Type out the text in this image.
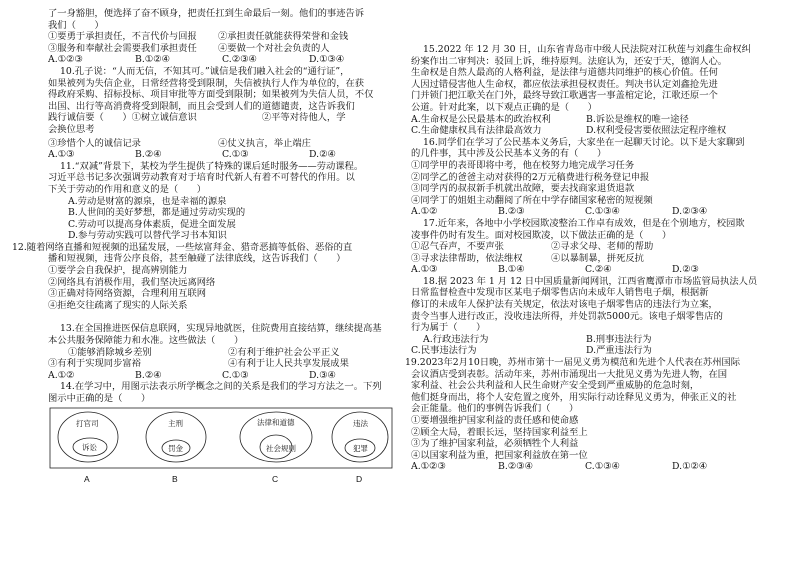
了一身豁胆，便选择了奋不顾身，把责任扛到生命最后一刻。他们的事迹告诉
我们（　　）
①要勇于承担责任，不言代价与回报	②承担责任就能获得荣誉和金钱
③服务和奉献社会需要我们承担责任	④要做一个对社会负责的人
A.①②③	B.①②④	C.②③④	D.①③④
10.孔子说：“人而无信，不知其可。”诚信是我们融入社会的“通行证”，
如果被列为失信企业，日常经营将受到限制，失信被执行人作为单位的，在获
得政府采购、招标投标、项目审批等方面受到限制；如果被列为失信人员，不仅
出国、出行等高消费将受到限制，而且会受到人们的道德谴责，这告诉我们
践行诚信要（　　）①树立诚信意识　　　　　　　②平等对待他人，学
会换位思考
③珍惜个人的诚信记录	④仗义执言，举止端庄
A.①③	B.②④	C.①③	D.②④
11.“双减”背景下，某校为学生提供了特殊的课后延时服务——劳动课程。
习近平总书记多次强调劳动教育对于培育时代新人有着不可替代的作用。以
下关于劳动的作用和意义的是（　　）
A.劳动是财富的源泉，也是幸福的源泉
B.人世间的美好梦想，都是通过劳动实现的
C.劳动可以提高身体素质，促进全面发展
D.参与劳动实践可以替代学习书本知识
12.随着网络直播和短视频的迅猛发展，一些炫富拜金、猎奇恶搞等低俗、恶俗的直
播和短视频，违背公序良俗，甚至触碰了法律底线，这告诉我们（　　）
①要学会自我保护，提高辨别能力
②网络具有消极作用，我们坚决远离网络
③正确对待网络资源，合理利用互联网
④拒绝交往疏离了现实的人际关系
13.在全国推进医保信息联网，实现异地就医，住院费用直接结算，继续提高基
本公共服务保障能力和水准。这些做法（　　）
①能够消除城乡差别	②有利于维护社会公平正义
③有利于实现同步富裕	④有利于让人民共享发展成果
A.①②	B.②④	C.①③	D.③④
14.在学习中，用图示法表示所学概念之间的关系是我们的学习方法之一。下列
图示中正确的是（　　）
打官司
诉讼
A
主刑
罚金
B
法律和道德
社会规则
C
违法
犯罪
D
15.2022 年 12 月 30 日，山东省青岛市中级人民法院对江秋莲与刘鑫生命权纠
纷案作出二审判决：驳回上诉，维持原判。法庭认为，还安于天，德润人心。
生命权是自然人最高的人格利益，是法律与道德共同维护的核心价值。任何
人因过错侵害他人生命权，都应依法承担侵权责任。判决书认定刘鑫抢先进
门并锁门把江歌关在门外，最终导致江歌遇害一事盖棺定论，江歌还原一个
公道。针对此案，以下观点正确的是（　　）
A.生命权是公民最基本的政治权利	B.诉讼是维权的唯一途径
C.生命健康权具有法律最高效力	D.权利受侵害要依照法定程序维权
16.同学们在学习了公民基本义务后，大家坐在一起聊天讨论。以下是大家聊到
的几件事，其中涉及公民基本义务的有（　　）
①同学甲的表哥即将中考，他在校努力地完成学习任务
②同学乙的爸爸主动对获得的2万元稿费进行税务登记申报
③同学丙的叔叔新手机就出故障，要去找商家退货退款
④同学丁的姐姐主动翻阅了所在中学存储国家秘密的短视频
A.①②	B.②③	C.①③④	D.②③④
17.近年来，各地中小学校园欺凌整治工作卓有成效，但是在个别地方，校园欺
凌事件仍时有发生。面对校园欺凌，以下做法正确的是（　　）
①忍气吞声，不要声张	②寻求父母、老师的帮助
③寻求法律帮助，依法维权	④以暴制暴，拼死反抗
A.①③	B.①④	C.②④	D.②③
18.据 2023 年 1 月 12 日中国质量新闻网讯，江西省鹰潭市市场监管局执法人员
日常监督检查中发现市区某电子烟零售店向未成年人销售电子烟，根据新
修订的未成年人保护法有关规定，依法对该电子烟零售店的违法行为立案，
责令当事人进行改正，没收违法所得，并处罚款5000元。该电子烟零售店的
行为属于（　　）
A.行政违法行为	B.刑事违法行为
C.民事违法行为	D.严重违法行为
19.2023年2月10日晚，苏州市第十一届见义勇为模范和先进个人代表在苏州国际
会议酒店受到表彰。活动年来，苏州市涌现出一大批见义勇为先进人物，在国
家利益、社会公共利益和人民生命财产安全受到严重威胁的危急时刻，
他们挺身而出，将个人安危置之度外，用实际行动诠释见义勇为，伸张正义的社
会正能量。他们的事例告诉我们（　　）
①要增强维护国家利益的责任感和使命感
②顾全大局，着眼长远，坚持国家利益至上
③为了维护国家利益，必须牺牲个人利益
④以国家利益为重，把国家利益放在第一位
A.①②③	B.②③④	C.①③④	D.①②④
